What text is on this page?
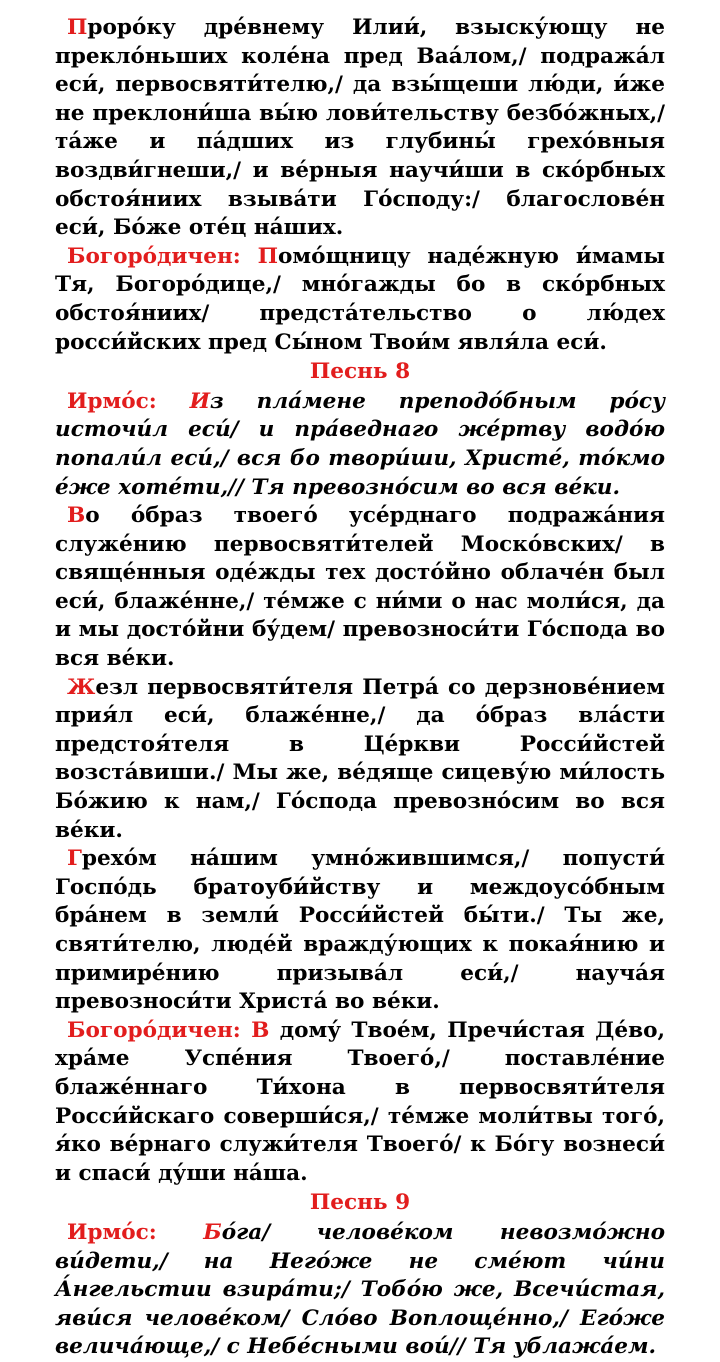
Проро́ку дре́внему Илии́, взыску́ющу не прекло́ньших коле́на пред Ваа́лом,/ подража́л еси́, первосвяти́телю,/ да взы́щеши лю́ди, и́же не преклони́ша вы́ю лови́тельству безбо́жных,/ та́же и па́дших из глубины́ грехо́вныя воздви́гнеши,/ и ве́рныя научи́ши в ско́рбных обстоя́ниих взыва́ти Го́споду:/ благослове́н еси́, Бо́же оте́ц на́ших.

Богоро́дичен: Помо́щницу наде́жную и́мамы Тя, Богоро́дице,/ мно́гажды бо в ско́рбных обстоя́ниих/ предста́тельство о лю́дех росси́йских пред Сы́ном Твои́м явля́ла еси́.

Песнь 8

Ирмо́с: Из пла́мене преподо́бным ро́су источи́л еси́/ и пра́веднаго же́ртву водо́ю попали́л еси́,/ вся бо твори́ши, Христе́, то́кмо е́же хоте́ти,// Тя превозно́сим во вся ве́ки.

Во о́браз твоего́ усе́рднаго подража́ния служе́нию первосвяти́телей Моско́вских/ в свяще́нныя оде́жды тех досто́йно облаче́н был еси́, блаже́нне,/ те́мже с ни́ми о нас моли́ся, да и мы досто́йни бу́дем/ превозноси́ти Го́спода во вся ве́ки.

Жезл первосвяти́теля Петра́ со дерзнове́нием прия́л еси́, блаже́нне,/ да о́браз вла́сти предстоя́теля в Це́ркви Росси́йстей возста́виши./ Мы же, ве́дяще сицеву́ю ми́лость Бо́жию к нам,/ Го́спода превозно́сим во вся ве́ки.

Грехо́м на́шим умно́жившимся,/ попусти́ Госпо́дь братоуби́йству и междоусо́бным бра́нем в земли́ Росси́йстей бы́ти./ Ты же, святи́телю, люде́й вражду́ющих к покая́нию и примире́нию призыва́л еси́,/ науча́я превозноси́ти Христа́ во ве́ки.

Богоро́дичен: В дому́ Твое́м, Пречи́стая Де́во, хра́ме Успе́ния Твоего́,/ поставле́ние блаже́ннаго Ти́хона в первосвяти́теля Росси́йскаго соверши́ся,/ те́мже моли́твы того́, я́ко ве́рнаго служи́теля Твоего́/ к Бо́гу вознеси́ и спаси́ ду́ши на́ша.

Песнь 9

Ирмо́с: Бо́га/ челове́ком невозмо́жно ви́дети,/ на Него́же не сме́ют чи́ни А́нгельстии взира́ти;/ Тобо́ю же, Всечи́стая, яви́ся челове́ком/ Сло́во Воплоще́нно,/ Его́же велича́юще,/ с Небе́сными вои́// Тя ублажа́ем.
